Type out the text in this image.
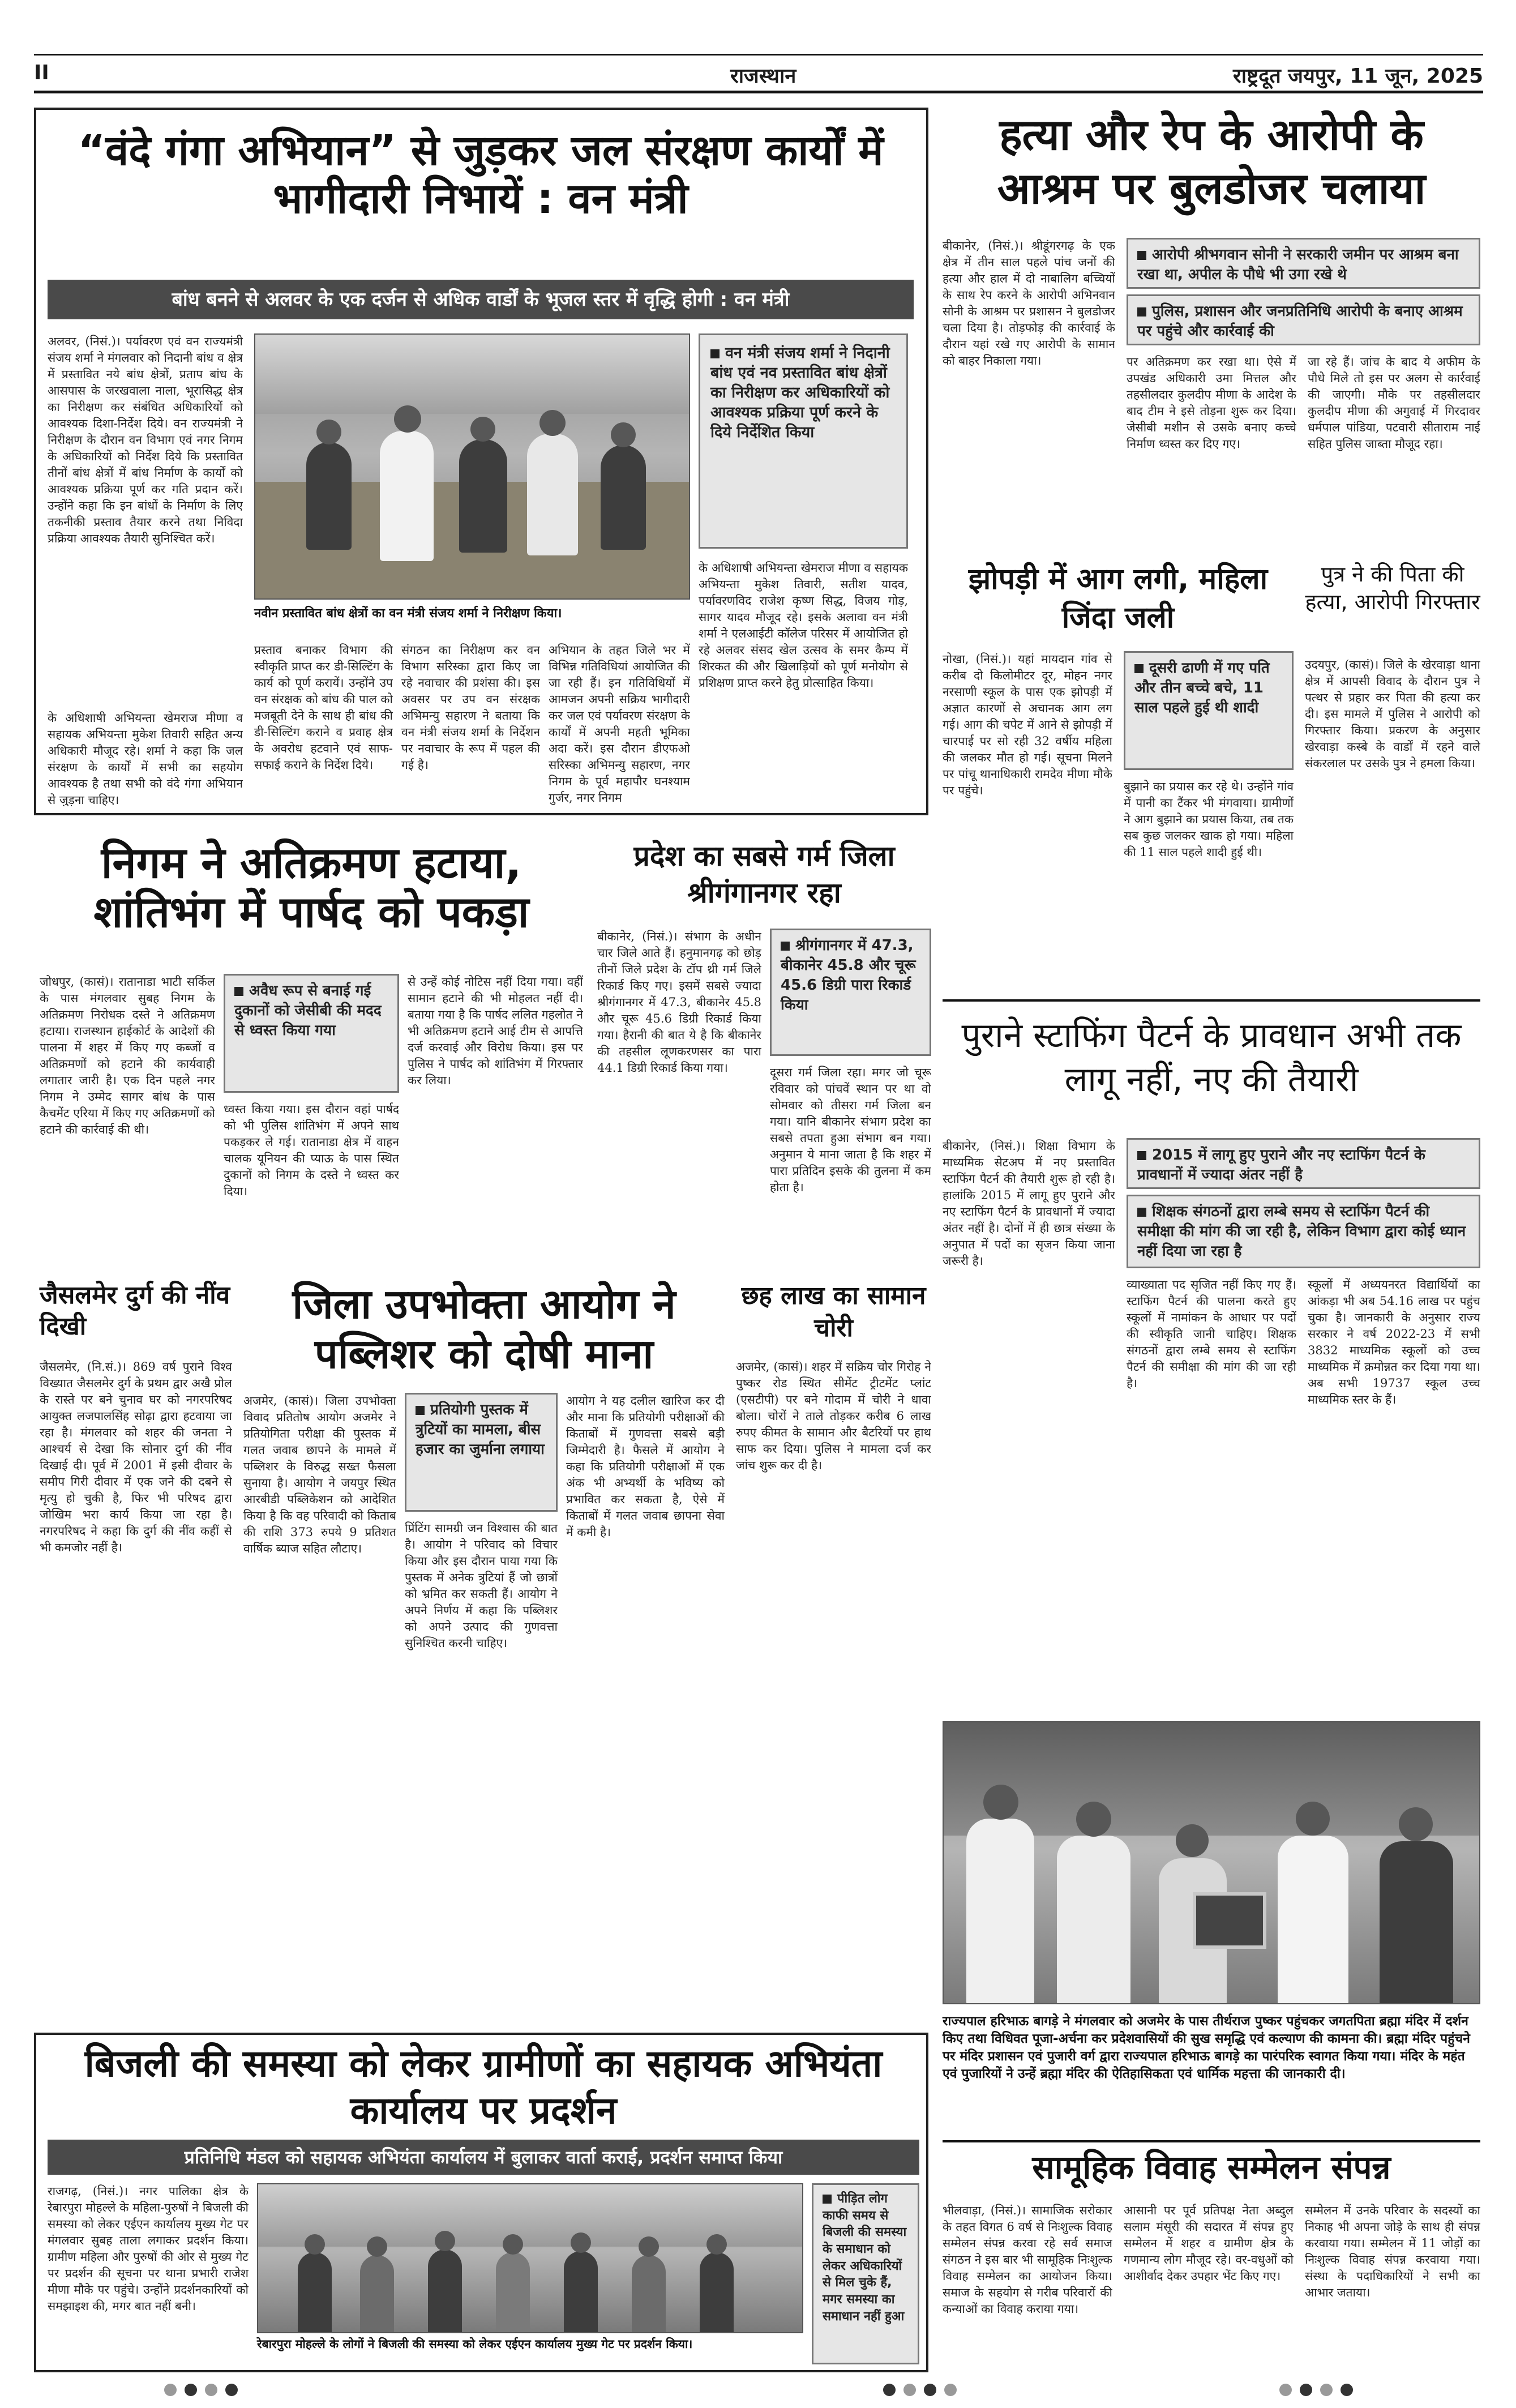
II	राजस्थान	राष्ट्रदूत जयपुर, 11 जून, 2025
“वंदे गंगा अभियान” से जुड़कर जल संरक्षण कार्यों में भागीदारी निभायें : वन मंत्री
बांध बनने से अलवर के एक दर्जन से अधिक वार्डों के भूजल स्तर में वृद्धि होगी : वन मंत्री
अलवर, (निसं.)। पर्यावरण एवं वन राज्यमंत्री संजय शर्मा ने मंगलवार को निदानी बांध व क्षेत्र में प्रस्तावित नये बांध क्षेत्रों, प्रताप बांध के आसपास के जरखवाला नाला, भूरासिद्ध क्षेत्र का निरीक्षण कर संबंधित अधिकारियों को आवश्यक दिशा-निर्देश दिये। वन राज्यमंत्री ने निरीक्षण के दौरान वन विभाग एवं नगर निगम के अधिकारियों को निर्देश दिये कि प्रस्तावित तीनों बांध क्षेत्रों में बांध निर्माण के कार्यों को आवश्यक प्रक्रिया पूर्ण कर गति प्रदान करें। उन्होंने कहा कि इन बांधों के निर्माण के लिए तकनीकी प्रस्ताव तैयार करने तथा निविदा प्रक्रिया आवश्यक तैयारी सुनिश्चित करें।
नवीन प्रस्तावित बांध क्षेत्रों का वन मंत्री संजय शर्मा ने निरीक्षण किया।
वन मंत्री संजय शर्मा ने निदानी बांध एवं नव प्रस्तावित बांध क्षेत्रों का निरीक्षण कर अधिकारियों को आवश्यक प्रक्रिया पूर्ण करने के दिये निर्देशित किया
के अधिशाषी अभियन्ता खेमराज मीणा व सहायक अभियन्ता मुकेश तिवारी, सतीश यादव, पर्यावरणविद राजेश कृष्ण सिद्ध, विजय गोड़, सागर यादव मौजूद रहे। इसके अलावा वन मंत्री शर्मा ने एलआईटी कॉलेज परिसर में आयोजित हो रहे अलवर संसद खेल उत्सव के समर कैम्प में शिरकत की और खिलाड़ियों को पूर्ण मनोयोग से प्रशिक्षण प्राप्त करने हेतु प्रोत्साहित किया।
प्रस्ताव बनाकर विभाग की स्वीकृति प्राप्त कर डी-सिल्टिंग के कार्य को पूर्ण करायें। उन्होंने उप वन संरक्षक को बांध की पाल को मजबूती देने के साथ ही बांध की डी-सिल्टिंग कराने व प्रवाह क्षेत्र के अवरोध हटवाने एवं साफ-सफाई कराने के निर्देश दिये।
संगठन का निरीक्षण कर वन विभाग सरिस्का द्वारा किए जा रहे नवाचार की प्रशंसा की। इस अवसर पर उप वन संरक्षक अभिमन्यु सहारण ने बताया कि वन मंत्री संजय शर्मा के निर्देशन पर नवाचार के रूप में पहल की गई है।
अभियान के तहत जिले भर में विभिन्न गतिविधियां आयोजित की जा रही हैं। इन गतिविधियों में आमजन अपनी सक्रिय भागीदारी कर जल एवं पर्यावरण संरक्षण के कार्यों में अपनी महती भूमिका अदा करें। इस दौरान डीएफओ सरिस्का अभिमन्यु सहारण, नगर निगम के पूर्व महापौर घनश्याम गुर्जर, नगर निगम
के अधिशाषी अभियन्ता खेमराज मीणा व सहायक अभियन्ता मुकेश तिवारी सहित अन्य अधिकारी मौजूद रहे। शर्मा ने कहा कि जल संरक्षण के कार्यों में सभी का सहयोग आवश्यक है तथा सभी को वंदे गंगा अभियान से जुड़ना चाहिए।
निगम ने अतिक्रमण हटाया, शांतिभंग में पार्षद को पकड़ा
जोधपुर, (कासं)। रातानाडा भाटी सर्किल के पास मंगलवार सुबह निगम के अतिक्रमण निरोधक दस्ते ने अतिक्रमण हटाया। राजस्थान हाईकोर्ट के आदेशों की पालना में शहर में किए गए कब्जों व अतिक्रमणों को हटाने की कार्यवाही लगातार जारी है। एक दिन पहले नगर निगम ने उम्मेद सागर बांध के पास कैचमेंट एरिया में किए गए अतिक्रमणों को हटाने की कार्रवाई की थी।
अवैध रूप से बनाई गई दुकानों को जेसीबी की मदद से ध्वस्त किया गया
ध्वस्त किया गया। इस दौरान वहां पार्षद को भी पुलिस शांतिभंग में अपने साथ पकड़कर ले गई। रातानाडा क्षेत्र में वाहन चालक यूनियन की प्याऊ के पास स्थित दुकानों को निगम के दस्ते ने ध्वस्त कर दिया।
से उन्हें कोई नोटिस नहीं दिया गया। वहीं सामान हटाने की भी मोहलत नहीं दी। बताया गया है कि पार्षद ललित गहलोत ने भी अतिक्रमण हटाने आई टीम से आपत्ति दर्ज करवाई और विरोध किया। इस पर पुलिस ने पार्षद को शांतिभंग में गिरफ्तार कर लिया।
प्रदेश का सबसे गर्म जिला श्रीगंगानगर रहा
बीकानेर, (निसं.)। संभाग के अधीन चार जिले आते हैं। हनुमानगढ़ को छोड़ तीनों जिले प्रदेश के टॉप थ्री गर्म जिले रिकार्ड किए गए। इसमें सबसे ज्यादा श्रीगंगानगर में 47.3, बीकानेर 45.8 और चूरू 45.6 डिग्री रिकार्ड किया गया। हैरानी की बात ये है कि बीकानेर की तहसील लूणकरणसर का पारा 44.1 डिग्री रिकार्ड किया गया।
श्रीगंगानगर में 47.3, बीकानेर 45.8 और चूरू 45.6 डिग्री पारा रिकार्ड किया
दूसरा गर्म जिला रहा। मगर जो चूरू रविवार को पांचवें स्थान पर था वो सोमवार को तीसरा गर्म जिला बन गया। यानि बीकानेर संभाग प्रदेश का सबसे तपता हुआ संभाग बन गया। अनुमान ये माना जाता है कि शहर में पारा प्रतिदिन इसके की तुलना में कम होता है।
जैसलमेर दुर्ग की नींव दिखी
जैसलमेर, (नि.सं.)। 869 वर्ष पुराने विश्व विख्यात जैसलमेर दुर्ग के प्रथम द्वार अखै प्रोल के रास्ते पर बने चुनाव घर को नगरपरिषद आयुक्त लजपालसिंह सोढ़ा द्वारा हटवाया जा रहा है। मंगलवार को शहर की जनता ने आश्चर्य से देखा कि सोनार दुर्ग की नींव दिखाई दी। पूर्व में 2001 में इसी दीवार के समीप गिरी दीवार में एक जने की दबने से मृत्यु हो चुकी है, फिर भी परिषद द्वारा जोखिम भरा कार्य किया जा रहा है। नगरपरिषद ने कहा कि दुर्ग की नींव कहीं से भी कमजोर नहीं है।
जिला उपभोक्ता आयोग ने पब्लिशर को दोषी माना
अजमेर, (कासं)। जिला उपभोक्ता विवाद प्रतितोष आयोग अजमेर ने प्रतियोगिता परीक्षा की पुस्तक में गलत जवाब छापने के मामले में पब्लिशर के विरुद्ध सख्त फैसला सुनाया है। आयोग ने जयपुर स्थित आरबीडी पब्लिकेशन को आदेशित किया है कि वह परिवादी को किताब की राशि 373 रुपये 9 प्रतिशत वार्षिक ब्याज सहित लौटाए।
प्रतियोगी पुस्तक में त्रुटियों का मामला, बीस हजार का जुर्माना लगाया
प्रिंटिंग सामग्री जन विश्वास की बात है। आयोग ने परिवाद को विचार किया और इस दौरान पाया गया कि पुस्तक में अनेक त्रुटियां हैं जो छात्रों को भ्रमित कर सकती हैं। आयोग ने अपने निर्णय में कहा कि पब्लिशर को अपने उत्पाद की गुणवत्ता सुनिश्चित करनी चाहिए।
आयोग ने यह दलील खारिज कर दी और माना कि प्रतियोगी परीक्षाओं की किताबों में गुणवत्ता सबसे बड़ी जिम्मेदारी है। फैसले में आयोग ने कहा कि प्रतियोगी परीक्षाओं में एक अंक भी अभ्यर्थी के भविष्य को प्रभावित कर सकता है, ऐसे में किताबों में गलत जवाब छापना सेवा में कमी है।
छह लाख का सामान चोरी
अजमेर, (कासं)। शहर में सक्रिय चोर गिरोह ने पुष्कर रोड स्थित सीमेंट ट्रीटमेंट प्लांट (एसटीपी) पर बने गोदाम में चोरी ने धावा बोला। चोरों ने ताले तोड़कर करीब 6 लाख रुपए कीमत के सामान और बैटरियों पर हाथ साफ कर दिया। पुलिस ने मामला दर्ज कर जांच शुरू कर दी है।
बिजली की समस्या को लेकर ग्रामीणों का सहायक अभियंता कार्यालय पर प्रदर्शन
प्रतिनिधि मंडल को सहायक अभियंता कार्यालय में बुलाकर वार्ता कराई, प्रदर्शन समाप्त किया
राजगढ़, (निसं.)। नगर पालिका क्षेत्र के रेबारपुरा मोहल्ले के महिला-पुरुषों ने बिजली की समस्या को लेकर एईएन कार्यालय मुख्य गेट पर मंगलवार सुबह ताला लगाकर प्रदर्शन किया। ग्रामीण महिला और पुरुषों की ओर से मुख्य गेट पर प्रदर्शन की सूचना पर थाना प्रभारी राजेश मीणा मौके पर पहुंचे। उन्होंने प्रदर्शनकारियों को समझाइश की, मगर बात नहीं बनी।
रेबारपुरा मोहल्ले के लोगों ने बिजली की समस्या को लेकर एईएन कार्यालय मुख्य गेट पर प्रदर्शन किया।
पीड़ित लोग काफी समय से बिजली की समस्या के समाधान को लेकर अधिकारियों से मिल चुके हैं, मगर समस्या का समाधान नहीं हुआ
हत्या और रेप के आरोपी के आश्रम पर बुलडोजर चलाया
बीकानेर, (निसं.)। श्रीडूंगरगढ़ के एक क्षेत्र में तीन साल पहले पांच जनों की हत्या और हाल में दो नाबालिग बच्चियों के साथ रेप करने के आरोपी अभिनवान सोनी के आश्रम पर प्रशासन ने बुलडोजर चला दिया है। तोड़फोड़ की कार्रवाई के दौरान यहां रखे गए आरोपी के सामान को बाहर निकाला गया।
आरोपी श्रीभगवान सोनी ने सरकारी जमीन पर आश्रम बना रखा था, अपील के पौधे भी उगा रखे थे
पुलिस, प्रशासन और जनप्रतिनिधि आरोपी के बनाए आश्रम पर पहुंचे और कार्रवाई की
पर अतिक्रमण कर रखा था। ऐसे में उपखंड अधिकारी उमा मित्तल और तहसीलदार कुलदीप मीणा के आदेश के बाद टीम ने इसे तोड़ना शुरू कर दिया। जेसीबी मशीन से उसके बनाए कच्चे निर्माण ध्वस्त कर दिए गए।
जा रहे हैं। जांच के बाद ये अफीम के पौधे मिले तो इस पर अलग से कार्रवाई की जाएगी। मौके पर तहसीलदार कुलदीप मीणा की अगुवाई में गिरदावर धर्मपाल पांडिया, पटवारी सीताराम नाई सहित पुलिस जाब्ता मौजूद रहा।
झोपड़ी में आग लगी, महिला जिंदा जली
नोखा, (निसं.)। यहां मायदान गांव से करीब दो किलोमीटर दूर, मोहन नगर नरसाणी स्कूल के पास एक झोपड़ी में अज्ञात कारणों से अचानक आग लग गई। आग की चपेट में आने से झोपड़ी में चारपाई पर सो रही 32 वर्षीय महिला की जलकर मौत हो गई। सूचना मिलने पर पांचू थानाधिकारी रामदेव मीणा मौके पर पहुंचे।
दूसरी ढाणी में गए पति और तीन बच्चे बचे, 11 साल पहले हुई थी शादी
बुझाने का प्रयास कर रहे थे। उन्होंने गांव में पानी का टैंकर भी मंगवाया। ग्रामीणों ने आग बुझाने का प्रयास किया, तब तक सब कुछ जलकर खाक हो गया। महिला की 11 साल पहले शादी हुई थी।
पुत्र ने की पिता की हत्या, आरोपी गिरफ्तार
उदयपुर, (कासं)। जिले के खेरवाड़ा थाना क्षेत्र में आपसी विवाद के दौरान पुत्र ने पत्थर से प्रहार कर पिता की हत्या कर दी। इस मामले में पुलिस ने आरोपी को गिरफ्तार किया। प्रकरण के अनुसार खेरवाड़ा कस्बे के वार्डों में रहने वाले संकरलाल पर उसके पुत्र ने हमला किया।
पुराने स्टाफिंग पैटर्न के प्रावधान अभी तक लागू नहीं, नए की तैयारी
बीकानेर, (निसं.)। शिक्षा विभाग के माध्यमिक सेटअप में नए प्रस्तावित स्टाफिंग पैटर्न की तैयारी शुरू हो रही है। हालांकि 2015 में लागू हुए पुराने और नए स्टाफिंग पैटर्न के प्रावधानों में ज्यादा अंतर नहीं है। दोनों में ही छात्र संख्या के अनुपात में पदों का सृजन किया जाना जरूरी है।
2015 में लागू हुए पुराने और नए स्टाफिंग पैटर्न के प्रावधानों में ज्यादा अंतर नहीं है
शिक्षक संगठनों द्वारा लम्बे समय से स्टाफिंग पैटर्न की समीक्षा की मांग की जा रही है, लेकिन विभाग द्वारा कोई ध्यान नहीं दिया जा रहा है
व्याख्याता पद सृजित नहीं किए गए हैं। स्टाफिंग पैटर्न की पालना करते हुए स्कूलों में नामांकन के आधार पर पदों की स्वीकृति जानी चाहिए। शिक्षक संगठनों द्वारा लम्बे समय से स्टाफिंग पैटर्न की समीक्षा की मांग की जा रही है।
स्कूलों में अध्ययनरत विद्यार्थियों का आंकड़ा भी अब 54.16 लाख पर पहुंच चुका है। जानकारी के अनुसार राज्य सरकार ने वर्ष 2022-23 में सभी 3832 माध्यमिक स्कूलों को उच्च माध्यमिक में क्रमोन्नत कर दिया गया था। अब सभी 19737 स्कूल उच्च माध्यमिक स्तर के हैं।
राज्यपाल हरिभाऊ बागड़े ने मंगलवार को अजमेर के पास तीर्थराज पुष्कर पहुंचकर जगतपिता ब्रह्मा मंदिर में दर्शन किए तथा विधिवत पूजा-अर्चना कर प्रदेशवासियों की सुख समृद्धि एवं कल्याण की कामना की। ब्रह्मा मंदिर पहुंचने पर मंदिर प्रशासन एवं पुजारी वर्ग द्वारा राज्यपाल हरिभाऊ बागड़े का पारंपरिक स्वागत किया गया। मंदिर के महंत एवं पुजारियों ने उन्हें ब्रह्मा मंदिर की ऐतिहासिकता एवं धार्मिक महत्ता की जानकारी दी।
सामूहिक विवाह सम्मेलन संपन्न
भीलवाड़ा, (निसं.)। सामाजिक सरोकार के तहत विगत 6 वर्ष से निःशुल्क विवाह सम्मेलन संपन्न करवा रहे सर्व समाज संगठन ने इस बार भी सामूहिक निःशुल्क विवाह सम्मेलन का आयोजन किया। समाज के सहयोग से गरीब परिवारों की कन्याओं का विवाह कराया गया।
आसानी पर पूर्व प्रतिपक्ष नेता अब्दुल सलाम मंसूरी की सदारत में संपन्न हुए सम्मेलन में शहर व ग्रामीण क्षेत्र के गणमान्य लोग मौजूद रहे। वर-वधुओं को आशीर्वाद देकर उपहार भेंट किए गए।
सम्मेलन में उनके परिवार के सदस्यों का निकाह भी अपना जोड़े के साथ ही संपन्न करवाया गया। सम्मेलन में 11 जोड़ों का निःशुल्क विवाह संपन्न करवाया गया। संस्था के पदाधिकारियों ने सभी का आभार जताया।
